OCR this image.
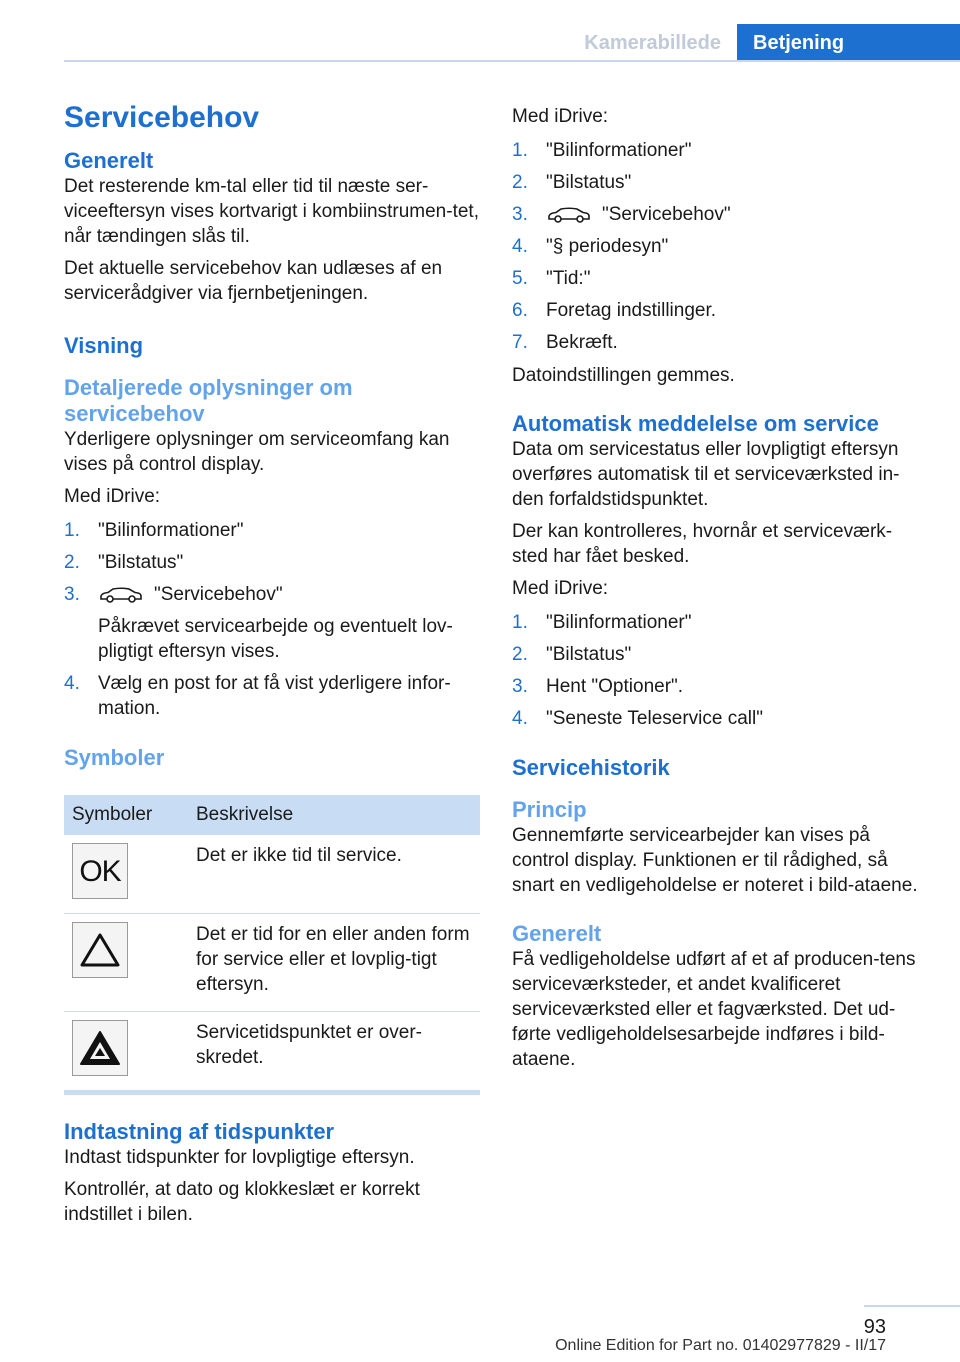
Kamerabillede	Betjening
Servicebehov
Generelt

Det resterende km-tal eller tid til næste ser-viceeftersyn vises kortvarigt i kombiinstrumen-tet, når tændingen slås til.

Det aktuelle servicebehov kan udlæses af en servicerådgiver via fjernbetjeningen.

Visning
Detaljerede oplysninger om servicebehov

Yderligere oplysninger om serviceomfang kan vises på control display.

Med iDrive:

1. "Bilinformationer"
2. "Bilstatus"
3.	"Servicebehov"
Påkrævet servicearbejde og eventuelt lov-pligtigt eftersyn vises.
4. Vælg en post for at få vist yderligere infor-mation.
Symboler
Symboler	Beskrivelse

OK	Det er ikke tid til service.

	Det er tid for en eller anden form for service eller et lovplig-tigt eftersyn.

	Servicetidspunktet er over-skredet.
Indtastning af tidspunkter

Indtast tidspunkter for lovpligtige eftersyn.

Kontrollér, at dato og klokkeslæt er korrekt indstillet i bilen.

Med iDrive:

1. "Bilinformationer"
2. "Bilstatus"
3.	"Servicebehov"
4. "§ periodesyn"
5. "Tid:"
6. Foretag indstillinger.
7. Bekræft.

Datoindstillingen gemmes.

Automatisk meddelelse om service

Data om servicestatus eller lovpligtigt eftersyn overføres automatisk til et serviceværksted in-den forfaldstidspunktet.

Der kan kontrolleres, hvornår et serviceværk-sted har fået besked.

Med iDrive:

1. "Bilinformationer"
2. "Bilstatus"
3. Hent "Optioner".
4. "Seneste Teleservice call"
Servicehistorik
Princip

Gennemførte servicearbejder kan vises på control display. Funktionen er til rådighed, så snart en vedligeholdelse er noteret i bild-ataene.

Generelt

Få vedligeholdelse udført af et af producen-tens serviceværksteder, et andet kvalificeret serviceværksted eller et fagværksted. Det ud-førte vedligeholdelsesarbejde indføres i bild-ataene.

93
Online Edition for Part no. 01402977829 - II/17
